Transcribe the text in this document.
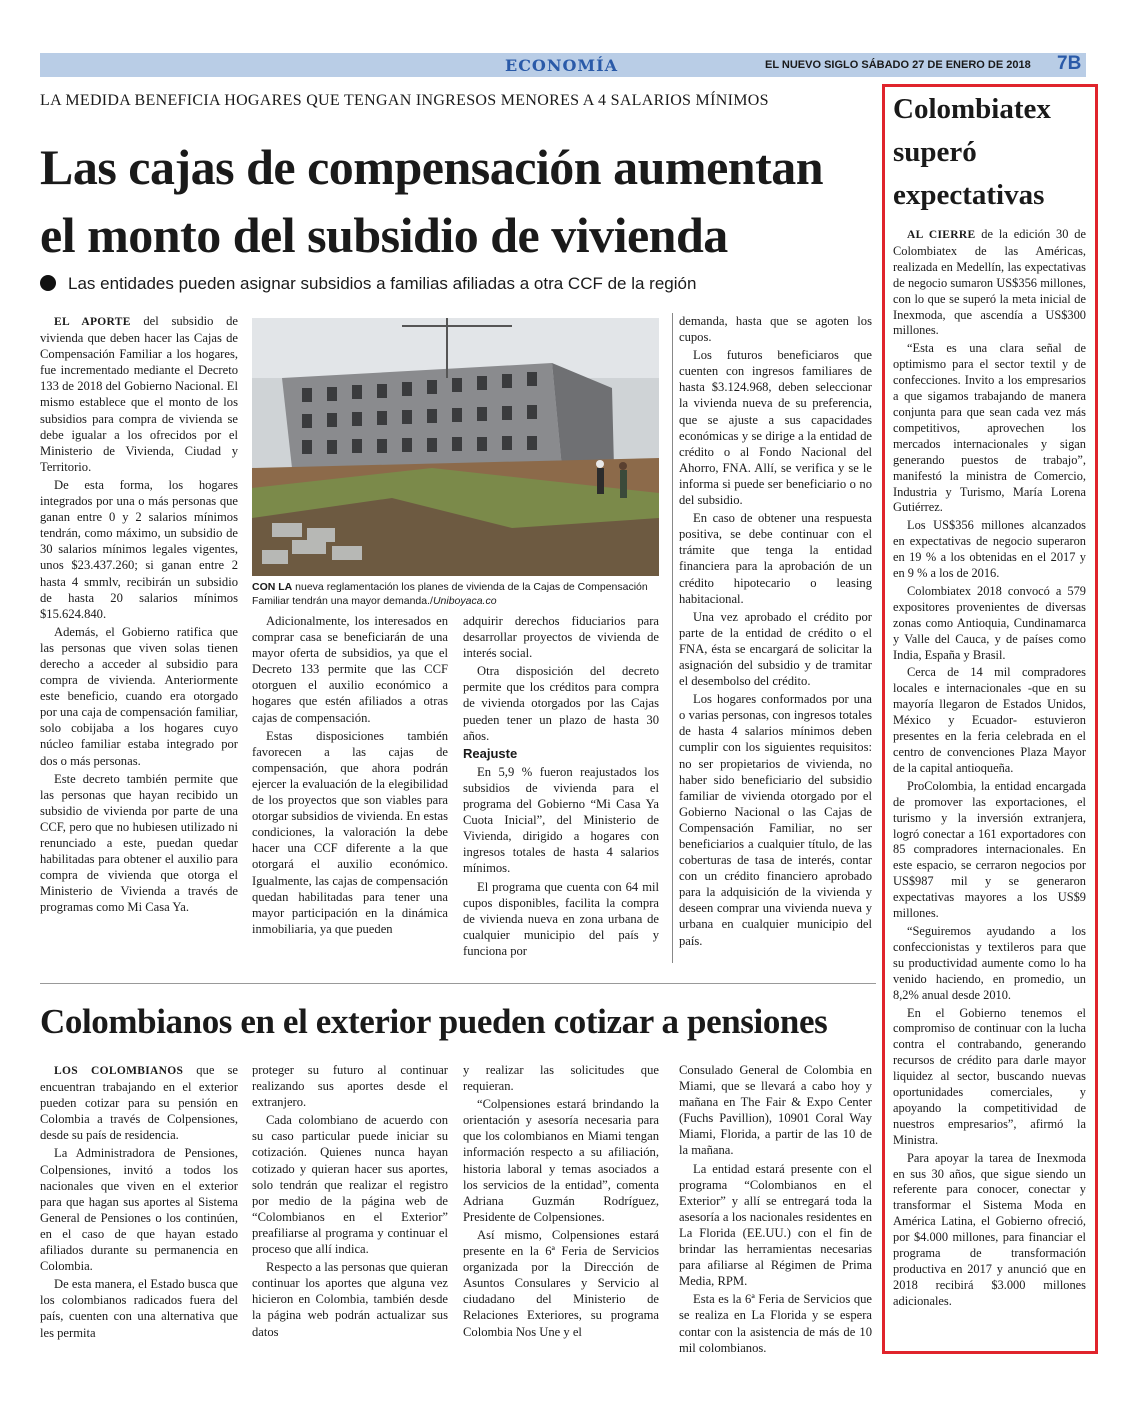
ECONOMÍA	EL NUEVO SIGLO SÁBADO 27 DE ENERO DE 2018 7B
LA MEDIDA BENEFICIA HOGARES QUE TENGAN INGRESOS MENORES A 4 SALARIOS MÍNIMOS
Las cajas de compensación aumentan
el monto del subsidio de vivienda
Las entidades pueden asignar subsidios a familias afiliadas a otra CCF de la región

EL APORTE del subsidio de vivienda que deben hacer las Cajas de Compensación Familiar a los hogares, fue incrementado mediante el Decreto 133 de 2018 del Gobierno Nacional. El mismo establece que el monto de los subsidios para compra de vivienda se debe igualar a los ofrecidos por el Ministerio de Vivienda, Ciudad y Territorio.

De esta forma, los hogares integrados por una o más personas que ganan entre 0 y 2 salarios mínimos tendrán, como máximo, un subsidio de 30 salarios mínimos legales vigentes, unos $23.437.260; si ganan entre 2 hasta 4 smmlv, recibirán un subsidio de hasta 20 salarios mínimos $15.624.840.

Además, el Gobierno ratifica que las personas que viven solas tienen derecho a acceder al subsidio para compra de vivienda. Anteriormente este beneficio, cuando era otorgado por una caja de compensación familiar, solo cobijaba a los hogares cuyo núcleo familiar estaba integrado por dos o más personas.

Este decreto también permite que las personas que hayan recibido un subsidio de vivienda por parte de una CCF, pero que no hubiesen utilizado ni renunciado a este, puedan quedar habilitadas para obtener el auxilio para compra de vivienda que otorga el Ministerio de Vivienda a través de programas como Mi Casa Ya.

CON LA nueva reglamentación los planes de vivienda de la Cajas de Compensación Familiar tendrán una mayor demanda./Uniboyaca.co

Adicionalmente, los interesados en comprar casa se beneficiarán de una mayor oferta de subsidios, ya que el Decreto 133 permite que las CCF otorguen el auxilio económico a hogares que estén afiliados a otras cajas de compensación.

Estas disposiciones también favorecen a las cajas de compensación, que ahora podrán ejercer la evaluación de la elegibilidad de los proyectos que son viables para otorgar subsidios de vivienda. En estas condiciones, la valoración la debe hacer una CCF diferente a la que otorgará el auxilio económico. Igualmente, las cajas de compensación quedan habilitadas para tener una mayor participación en la dinámica inmobiliaria, ya que pueden

adquirir derechos fiduciarios para desarrollar proyectos de vivienda de interés social.

Otra disposición del decreto permite que los créditos para compra de vivienda otorgados por las Cajas pueden tener un plazo de hasta 30 años.

Reajuste

En 5,9 % fueron reajustados los subsidios de vivienda para el programa del Gobierno “Mi Casa Ya Cuota Inicial”, del Ministerio de Vivienda, dirigido a hogares con ingresos totales de hasta 4 salarios mínimos.

El programa que cuenta con 64 mil cupos disponibles, facilita la compra de vivienda nueva en zona urbana de cualquier municipio del país y funciona por

demanda, hasta que se agoten los cupos.

Los futuros beneficiaros que cuenten con ingresos familiares de hasta $3.124.968, deben seleccionar la vivienda nueva de su preferencia, que se ajuste a sus capacidades económicas y se dirige a la entidad de crédito o al Fondo Nacional del Ahorro, FNA. Allí, se verifica y se le informa si puede ser beneficiario o no del subsidio.

En caso de obtener una respuesta positiva, se debe continuar con el trámite que tenga la entidad financiera para la aprobación de un crédito hipotecario o leasing habitacional.

Una vez aprobado el crédito por parte de la entidad de crédito o el FNA, ésta se encargará de solicitar la asignación del subsidio y de tramitar el desembolso del crédito.

Los hogares conformados por una o varias personas, con ingresos totales de hasta 4 salarios mínimos deben cumplir con los siguientes requisitos: no ser propietarios de vivienda, no haber sido beneficiario del subsidio familiar de vivienda otorgado por el Gobierno Nacional o las Cajas de Compensación Familiar, no ser beneficiarios a cualquier título, de las coberturas de tasa de interés, contar con un crédito financiero aprobado para la adquisición de la vivienda y deseen comprar una vivienda nueva y urbana en cualquier municipio del país.

Colombianos en el exterior pueden cotizar a pensiones

LOS COLOMBIANOS que se encuentran trabajando en el exterior pueden cotizar para su pensión en Colombia a través de Colpensiones, desde su país de residencia.

La Administradora de Pensiones, Colpensiones, invitó a todos los nacionales que viven en el exterior para que hagan sus aportes al Sistema General de Pensiones o los continúen, en el caso de que hayan estado afiliados durante su permanencia en Colombia.

De esta manera, el Estado busca que los colombianos radicados fuera del país, cuenten con una alternativa que les permita

proteger su futuro al continuar realizando sus aportes desde el extranjero.

Cada colombiano de acuerdo con su caso particular puede iniciar su cotización. Quienes nunca hayan cotizado y quieran hacer sus aportes, solo tendrán que realizar el registro por medio de la página web de “Colombianos en el Exterior” preafiliarse al programa y continuar el proceso que allí indica.

Respecto a las personas que quieran continuar los aportes que alguna vez hicieron en Colombia, también desde la página web podrán actualizar sus datos

y realizar las solicitudes que requieran.

“Colpensiones estará brindando la orientación y asesoría necesaria para que los colombianos en Miami tengan información respecto a su afiliación, historia laboral y temas asociados a los servicios de la entidad”, comenta Adriana Guzmán Rodríguez, Presidente de Colpensiones.

Así mismo, Colpensiones estará presente en la 6ª Feria de Servicios organizada por la Dirección de Asuntos Consulares y Servicio al ciudadano del Ministerio de Relaciones Exteriores, su programa Colombia Nos Une y el

Consulado General de Colombia en Miami, que se llevará a cabo hoy y mañana en The Fair & Expo Center (Fuchs Pavillion), 10901 Coral Way Miami, Florida, a partir de las 10 de la mañana.

La entidad estará presente con el programa “Colombianos en el Exterior” y allí se entregará toda la asesoría a los nacionales residentes en La Florida (EE.UU.) con el fin de brindar las herramientas necesarias para afiliarse al Régimen de Prima Media, RPM.

Esta es la 6ª Feria de Servicios que se realiza en La Florida y se espera contar con la asistencia de más de 10 mil colombianos.

Colombiatex
superó
expectativas

AL CIERRE de la edición 30 de Colombiatex de las Américas, realizada en Medellín, las expectativas de negocio sumaron US$356 millones, con lo que se superó la meta inicial de Inexmoda, que ascendía a US$300 millones.

“Esta es una clara señal de optimismo para el sector textil y de confecciones. Invito a los empresarios a que sigamos trabajando de manera conjunta para que sean cada vez más competitivos, aprovechen los mercados internacionales y sigan generando puestos de trabajo”, manifestó la ministra de Comercio, Industria y Turismo, María Lorena Gutiérrez.

Los US$356 millones alcanzados en expectativas de negocio superaron en 19 % a los obtenidas en el 2017 y en 9 % a los de 2016.

Colombiatex 2018 convocó a 579 expositores provenientes de diversas zonas como Antioquia, Cundinamarca y Valle del Cauca, y de países como India, España y Brasil.

Cerca de 14 mil compradores locales e internacionales -que en su mayoría llegaron de Estados Unidos, México y Ecuador- estuvieron presentes en la feria celebrada en el centro de convenciones Plaza Mayor de la capital antioqueña.

ProColombia, la entidad encargada de promover las exportaciones, el turismo y la inversión extranjera, logró conectar a 161 exportadores con 85 compradores internacionales. En este espacio, se cerraron negocios por US$987 mil y se generaron expectativas mayores a los US$9 millones.

“Seguiremos ayudando a los confeccionistas y textileros para que su productividad aumente como lo ha venido haciendo, en promedio, un 8,2% anual desde 2010.

En el Gobierno tenemos el compromiso de continuar con la lucha contra el contrabando, generando recursos de crédito para darle mayor liquidez al sector, buscando nuevas oportunidades comerciales, y apoyando la competitividad de nuestros empresarios”, afirmó la Ministra.

Para apoyar la tarea de Inexmoda en sus 30 años, que sigue siendo un referente para conocer, conectar y transformar el Sistema Moda en América Latina, el Gobierno ofreció, por $4.000 millones, para financiar el programa de transformación productiva en 2017 y anunció que en 2018 recibirá $3.000 millones adicionales.
